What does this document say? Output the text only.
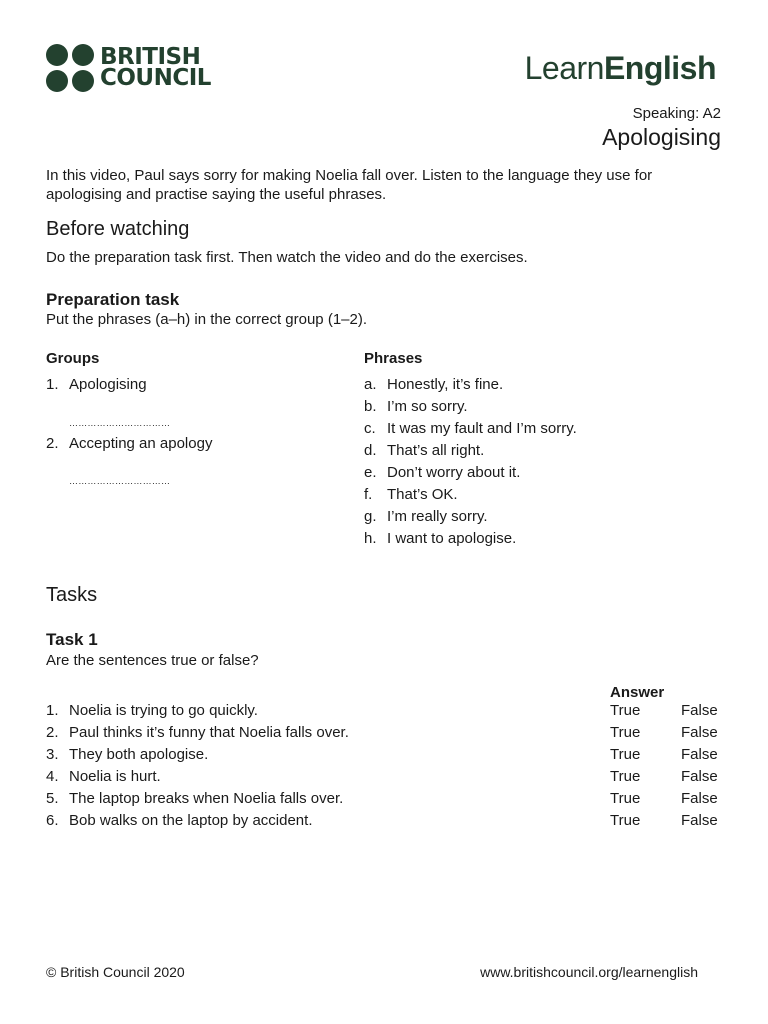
BRITISH
COUNCIL	LearnEnglish
Speaking: A2
Apologising
In this video, Paul says sorry for making Noelia fall over. Listen to the language they use for apologising and practise saying the useful phrases.
Before watching
Do the preparation task first. Then watch the video and do the exercises.
Preparation task
Put the phrases (a–h) in the correct group (1–2).
Groups
1. Apologising
……………………………
2. Accepting an apology
……………………………
Phrases
a. Honestly, it’s fine.
b. I’m so sorry.
c. It was my fault and I’m sorry.
d. That’s all right.
e. Don’t worry about it.
f. That’s OK.
g. I’m really sorry.
h. I want to apologise.
Tasks
Task 1
Are the sentences true or false?
Answer
1. Noelia is trying to go quickly.	True	False
2. Paul thinks it’s funny that Noelia falls over.	True	False
3. They both apologise.	True	False
4. Noelia is hurt.	True	False
5. The laptop breaks when Noelia falls over.	True	False
6. Bob walks on the laptop by accident.	True	False
© British Council 2020	www.britishcouncil.org/learnenglish
